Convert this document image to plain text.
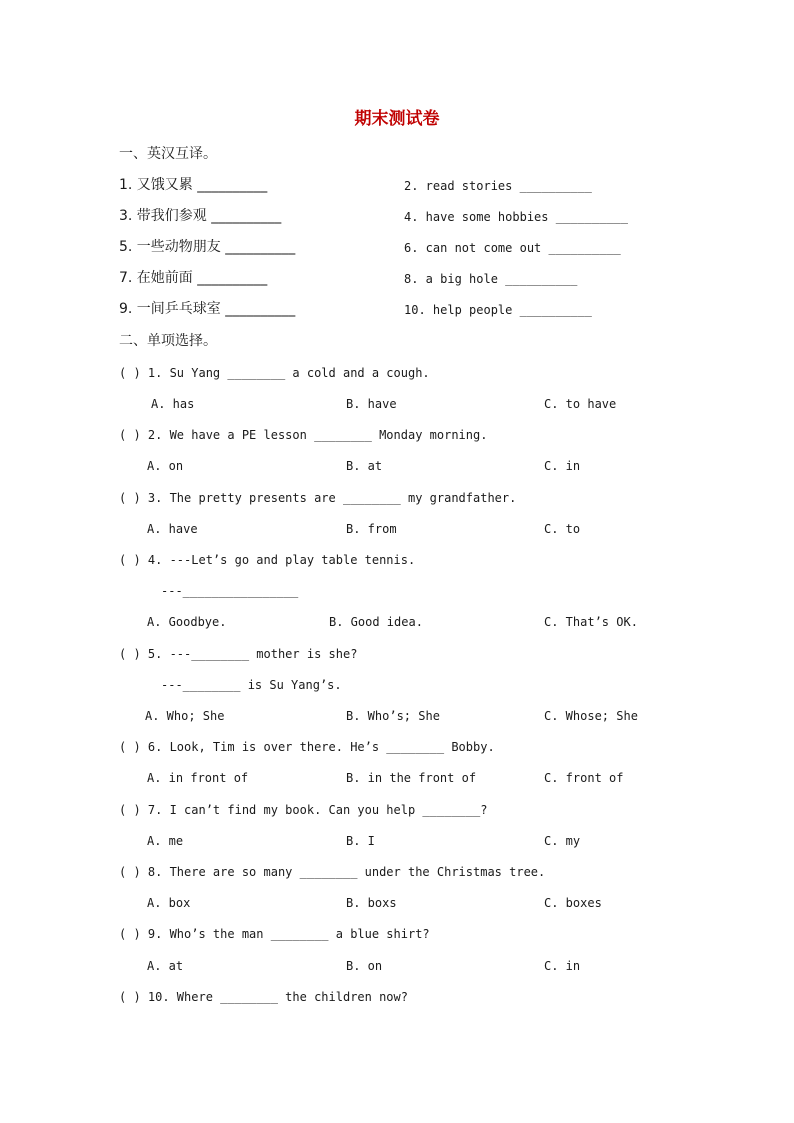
期末测试卷
一、英汉互译。
1. 又饿又累 __________	2. read stories __________
3. 带我们参观 __________	4. have some hobbies __________
5. 一些动物朋友 __________	6. can not come out __________
7. 在她前面 __________	8. a big hole __________
9. 一间乒乓球室 __________	10. help people __________
二、单项选择。
( ) 1. Su Yang ________ a cold and a cough.
A. has	B. have	C. to have
( ) 2. We have a PE lesson ________ Monday morning.
A. on	B. at	C. in
( ) 3. The pretty presents are ________ my grandfather.
A. have	B. from	C. to
( ) 4. ---Let’s go and play table tennis.
---________________
A. Goodbye.	B. Good idea.	C. That’s OK.
( ) 5. ---________ mother is she?
---________ is Su Yang’s.
A. Who; She	B. Who’s; She	C. Whose; She
( ) 6. Look, Tim is over there. He’s ________ Bobby.
A. in front of	B. in the front of	C. front of
( ) 7. I can’t find my book. Can you help ________?
A. me	B. I	C. my
( ) 8. There are so many ________ under the Christmas tree.
A. box	B. boxs	C. boxes
( ) 9. Who’s the man ________ a blue shirt?
A. at	B. on	C. in
( ) 10. Where ________ the children now?
